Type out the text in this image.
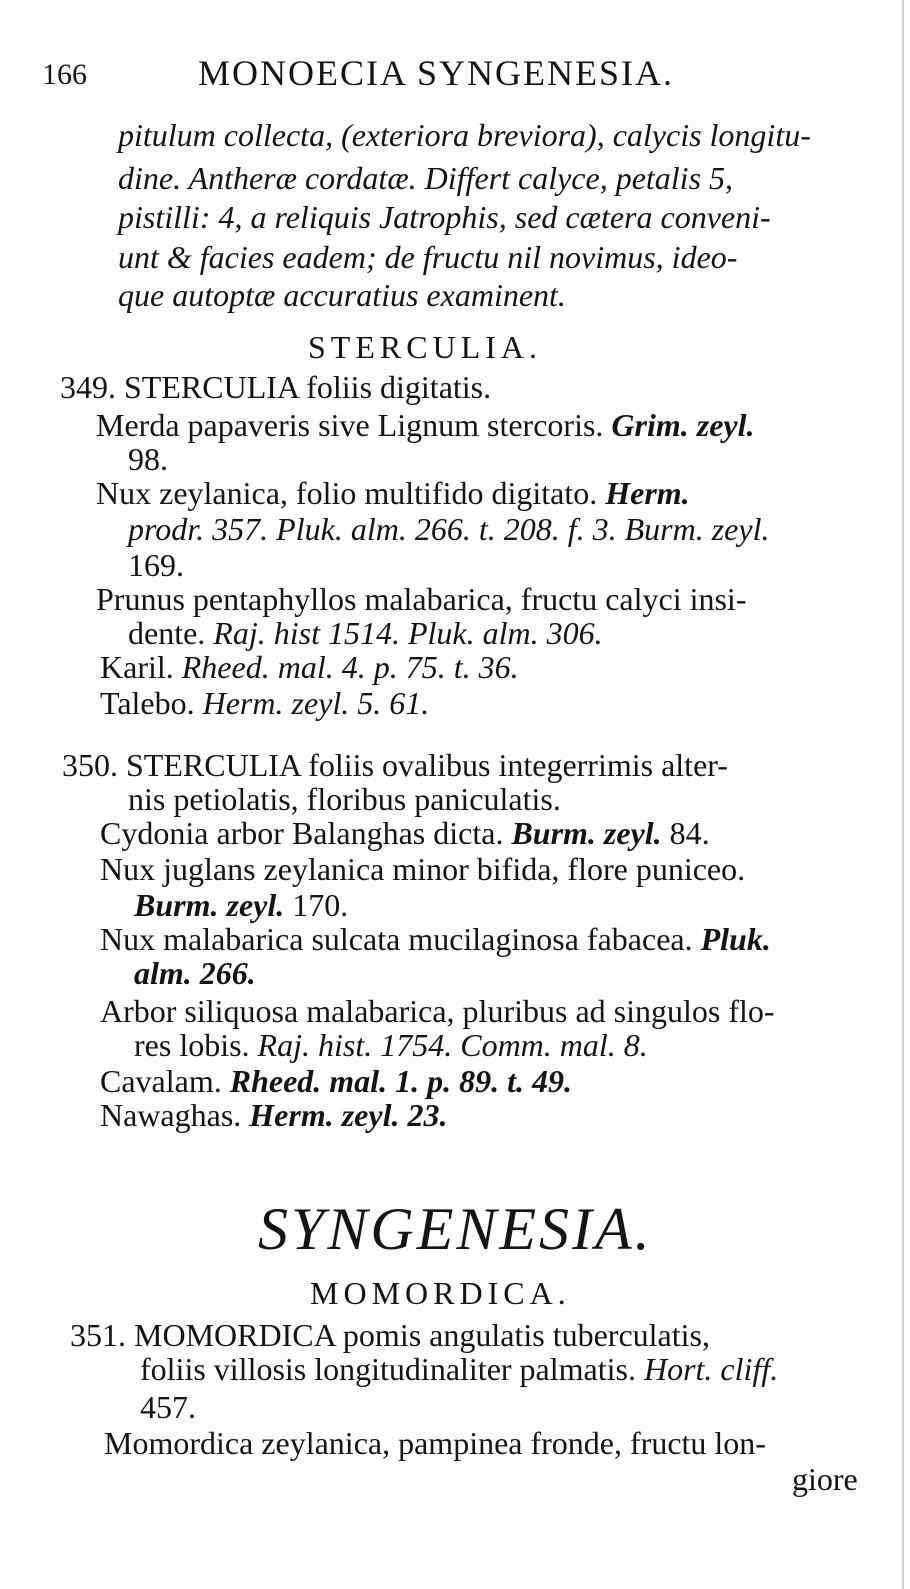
166	MONOECIA SYNGENESIA.
pitulum collecta, (exteriora breviora), calycis longitu-
dine. Antheræ cordatæ. Differt calyce, petalis 5,
pistilli: 4, a reliquis Jatrophis, sed cætera conveni-
unt & facies eadem; de fructu nil novimus, ideo-
que autoptæ accuratius examinent.
STERCULIA.
349. STERCULIA foliis digitatis.
Merda papaveris sive Lignum stercoris. Grim. zeyl.
98.
Nux zeylanica, folio multifido digitato. Herm.
prodr. 357. Pluk. alm. 266. t. 208. f. 3. Burm. zeyl.
169.
Prunus pentaphyllos malabarica, fructu calyci insi-
dente. Raj. hist 1514. Pluk. alm. 306.
Karil. Rheed. mal. 4. p. 75. t. 36.
Talebo. Herm. zeyl. 5. 61.
350. STERCULIA foliis ovalibus integerrimis alter-
nis petiolatis, floribus paniculatis.
Cydonia arbor Balanghas dicta. Burm. zeyl. 84.
Nux juglans zeylanica minor bifida, flore puniceo.
Burm. zeyl. 170.
Nux malabarica sulcata mucilaginosa fabacea. Pluk.
alm. 266.
Arbor siliquosa malabarica, pluribus ad singulos flo-
res lobis. Raj. hist. 1754. Comm. mal. 8.
Cavalam. Rheed. mal. 1. p. 89. t. 49.
Nawaghas. Herm. zeyl. 23.
SYNGENESIA.
MOMORDICA.
351. MOMORDICA pomis angulatis tuberculatis,
foliis villosis longitudinaliter palmatis. Hort. cliff.
457.
Momordica zeylanica, pampinea fronde, fructu lon-
giore
